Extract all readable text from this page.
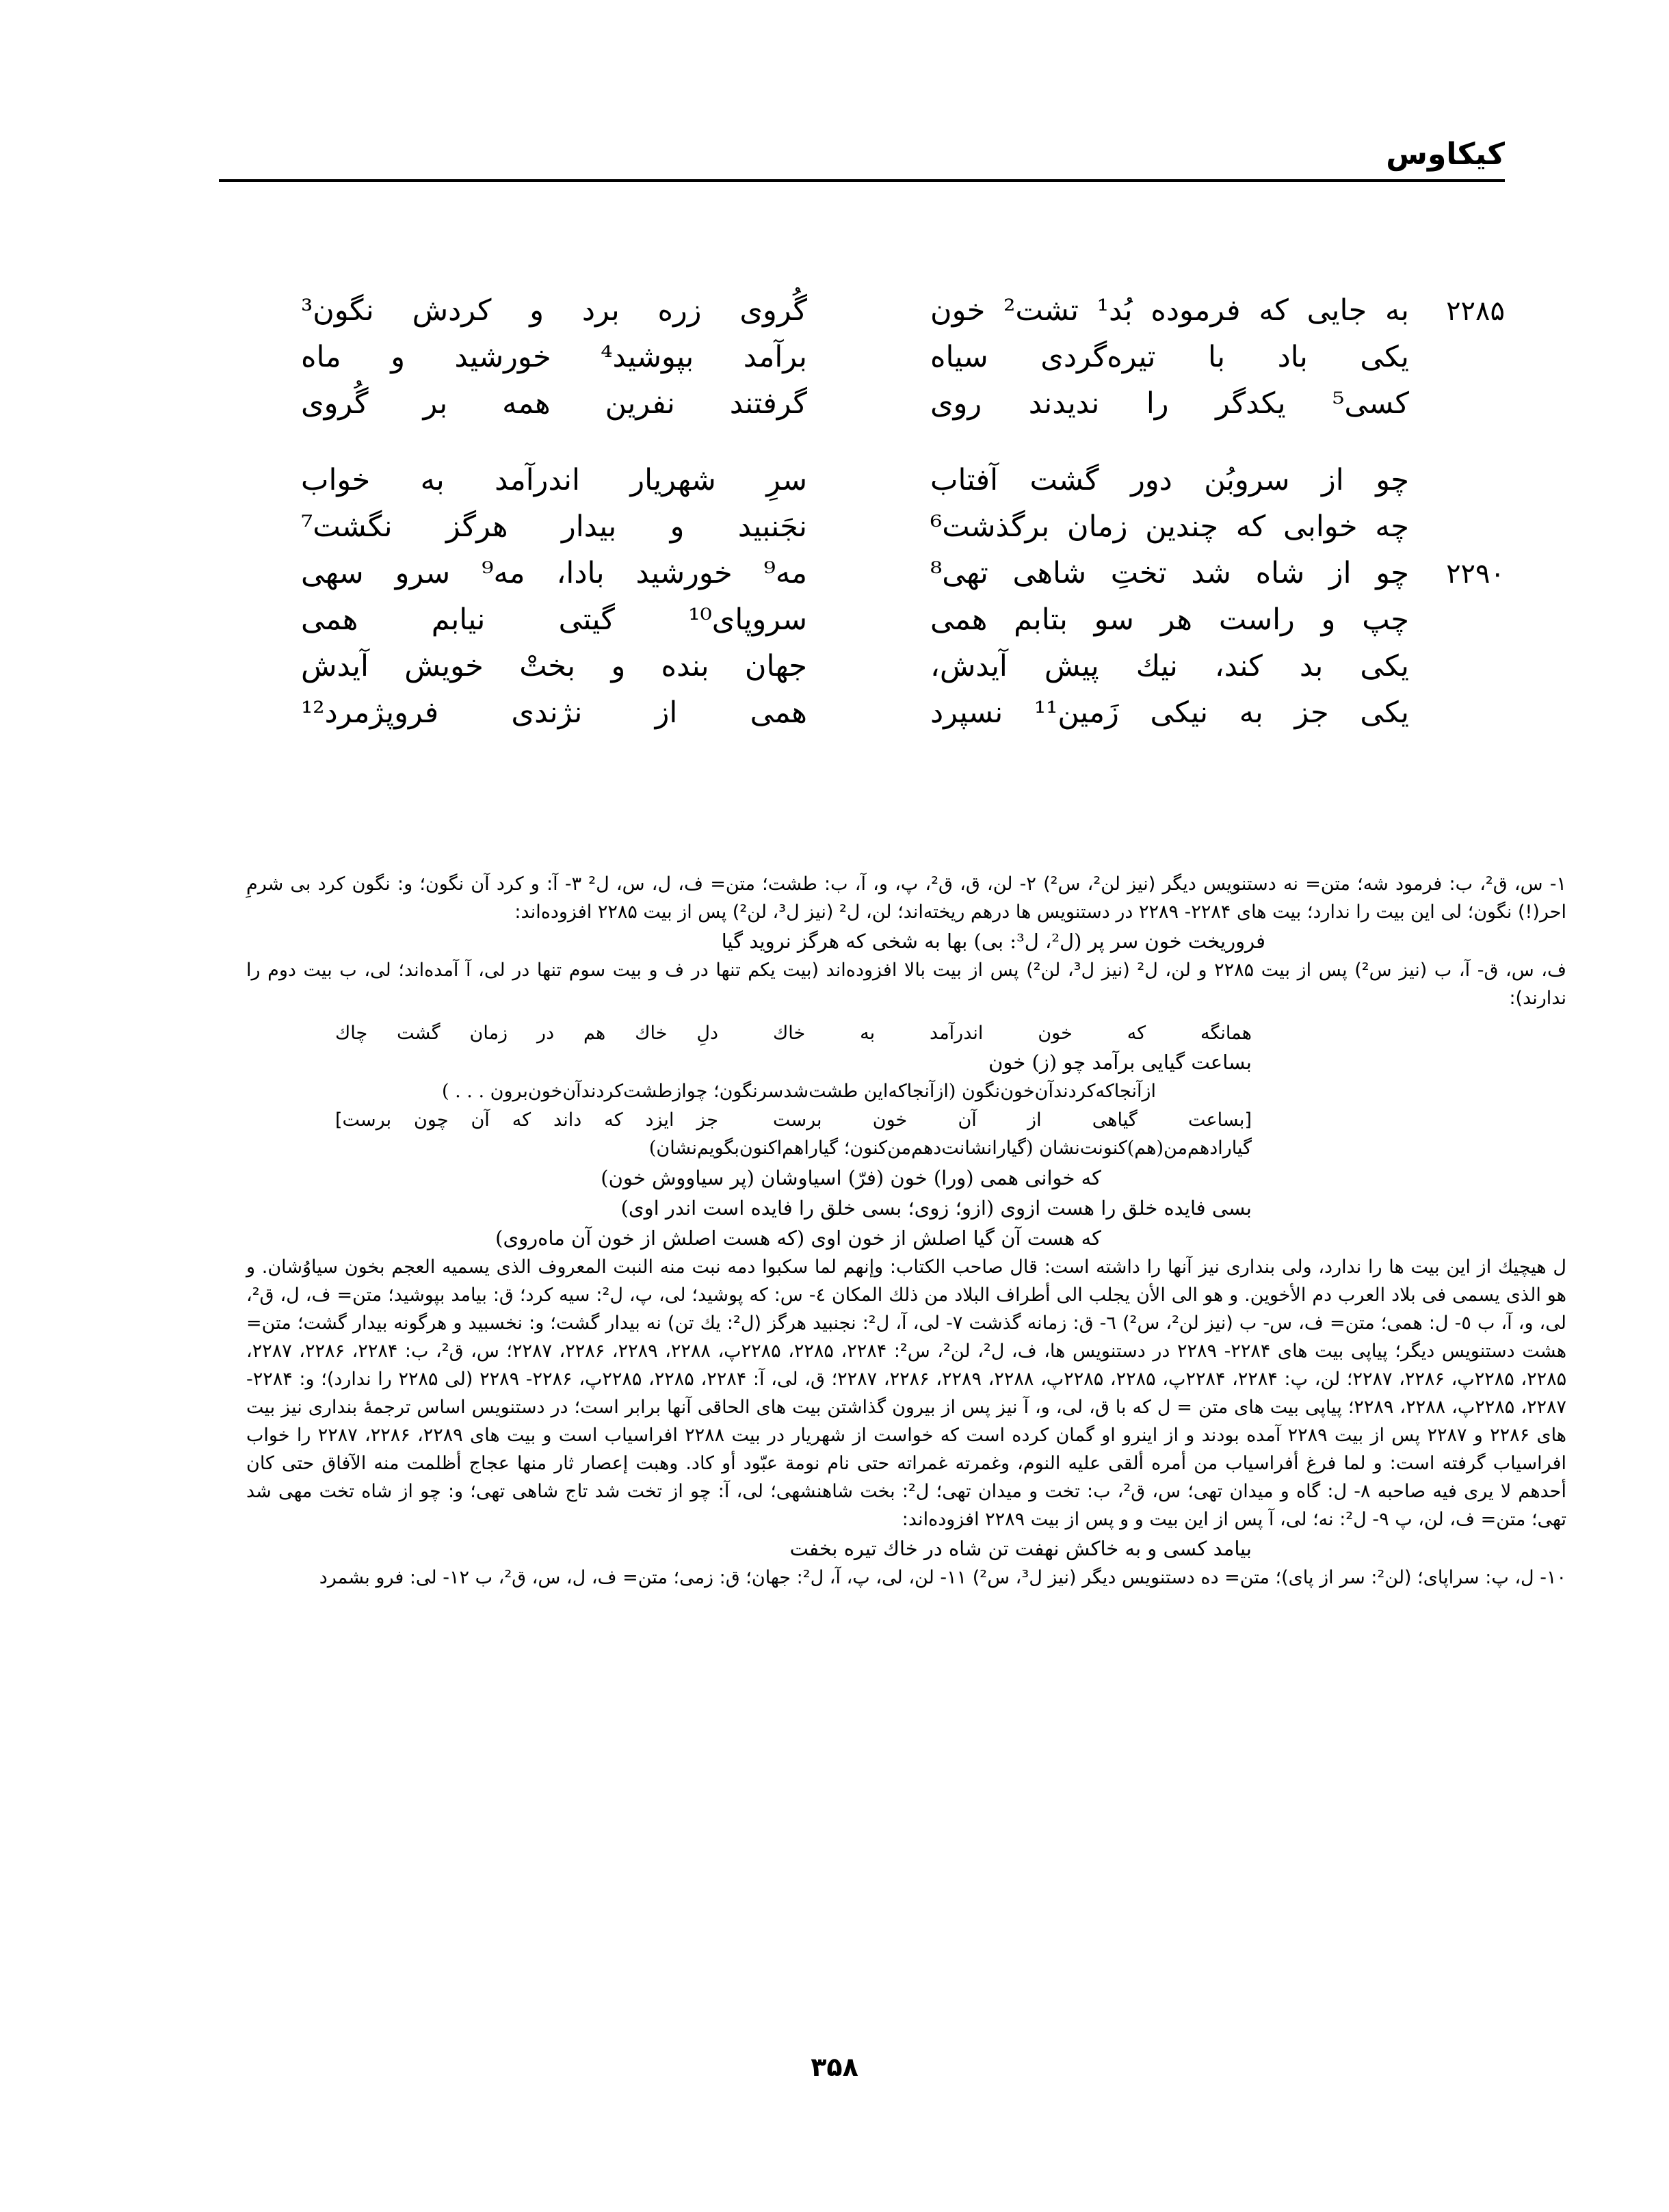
کیکاوس
۲۲۸۵
به جایی که فرموده بُد¹ تشت² خون
گُروی زره برد و کردش نگون³
یکی باد با تیره‌گردی سیاه
برآمد بپوشید⁴ خورشید و ماه
کسی⁵ یکدگر را ندیدند روی
گرفتند نفرین همه بر گُروی
چو از سروبُن دور گشت آفتاب
سرِ شهریار اندرآمد به خواب
چه خوابی که چندین زمان برگذشت⁶
نجَنبید و بیدار هرگز نگشت⁷
۲۲۹۰
چو از شاه شد تختِ شاهی تهی⁸
مه⁹ خورشید بادا، مه⁹ سرو سهی
چپ و راست هر سو بتابم همی
سروپای¹⁰ گیتی نیابم همی
یکی بد کند، نیك پیش آیدش،
جهان بنده و بختْ خویش آیدش
یکی جز به نیکی زَمین¹¹ نسپرد
همی از نژندی فروپژمرد¹²

۱- س، ق²، ب: فرمود شه؛ متن= نه دستنویس دیگر (نیز لن²، س²) ۲- لن، ق، ق²، پ، و، آ، ب: طشت؛ متن= ف، ل، س، ل² ۳- آ: و کرد آن نگون؛ و: نگون کرد بی شرمِ احر(!) نگون؛ لی این بیت را ندارد؛ بیت های ۲۲۸۴- ۲۲۸۹ در دستنویس ها درهم ریخته‌اند؛ لن، ل² (نیز ل³، لن²) پس از بیت ۲۲۸۵ افزوده‌اند:

فروریخت خون سر پر (ل²، ل³: بی) بها به شخی که هرگز نروید گیا

ف، س، ق- آ، ب (نیز س²) پس از بیت ۲۲۸۵ و لن، ل² (نیز ل³، لن²) پس از بیت بالا افزوده‌اند (بیت یکم تنها در ف و بیت سوم تنها در لی، آ آمده‌اند؛ لی، ب بیت دوم را ندارند):

همانگه که خون اندرآمد به خاك
دلِ خاك هم در زمان گشت چاك

بساعت گیایی برآمد چو (ز) خون

ازآنجاکه‌کردندآن‌خون‌نگون (ازآنجاکه‌این طشت‌شدسرنگون؛ چوازطشت‌کردندآن‌خون‌برون . . . )

[بساعت گیاهی از آن خون برست
جز ایزد که داند که آن چون برست]

گیارادهم‌من(هم)کنونت‌نشان (گیارانشانت‌دهم‌من‌کنون؛ گیاراهم‌اکنون‌بگویم‌نشان)

که خوانی همی (ورا) خون (فرّ) اسیاوشان (پر سیاووش خون)

بسی فایده خلق را هست ازوی (ازو؛ زوی؛ بسی خلق را فایده است اندر اوی)

که هست آن گیا اصلش از خون اوی (که هست اصلش از خون آن ماه‌روی)

ل هیچیك از این بیت ها را ندارد، ولی بنداری نیز آنها را داشته است: قال صاحب الکتاب: وإنهم لما سکبوا دمه نبت منه النبت المعروف الذی یسمیه العجم بخون سیاوُشان. و هو الذی یسمی فی بلاد العرب دم الأخوین. و هو الی الأن یجلب الی أطراف البلاد من ذلك المکان ٤- س: که پوشید؛ لی، پ، ل²: سیه کرد؛ ق: بیامد بپوشید؛ متن= ف، ل، ق²، لی، و، آ، ب ٥- ل: همی؛ متن= ف، س- ب (نیز لن²، س²) ٦- ق: زمانه گذشت ٧- لی، آ، ل²: نجنبید هرگز (ل²: یك تن) نه بیدار گشت؛ و: نخسبید و هرگونه بیدار گشت؛ متن= هشت دستنویس دیگر؛ پیاپی بیت های ۲۲۸۴- ۲۲۸۹ در دستنویس ها، ف، ل²، لن²، س²: ۲۲۸۴، ۲۲۸۵، ۲۲۸۵پ، ۲۲۸۸، ۲۲۸۹، ۲۲۸۶، ۲۲۸۷؛ س، ق²، ب: ۲۲۸۴، ۲۲۸۶، ۲۲۸۷، ۲۲۸۵، ۲۲۸۵پ، ۲۲۸۶، ۲۲۸۷؛ لن، پ: ۲۲۸۴، ۲۲۸۴پ، ۲۲۸۵، ۲۲۸۵پ، ۲۲۸۸، ۲۲۸۹، ۲۲۸۶، ۲۲۸۷؛ ق، لی، آ: ۲۲۸۴، ۲۲۸۵، ۲۲۸۵پ، ۲۲۸۶- ۲۲۸۹ (لی ۲۲۸۵ را ندارد)؛ و: ۲۲۸۴- ۲۲۸۷، ۲۲۸۵پ، ۲۲۸۸، ۲۲۸۹؛ پیاپی بیت های متن = ل که با ق، لی، و، آ نیز پس از بیرون گذاشتن بیت های الحاقی آنها برابر است؛ در دستنویس اساس ترجمهٔ بنداری نیز بیت های ۲۲۸۶ و ۲۲۸۷ پس از بیت ۲۲۸۹ آمده بودند و از اینرو او گمان کرده است که خواست از شهریار در بیت ۲۲۸۸ افراسیاب است و بیت های ۲۲۸۹، ۲۲۸۶، ۲۲۸۷ را خواب افراسیاب گرفته است: و لما فرغ أفراسیاب من أمره ألقی علیه النوم، وغمرته غمراته حتی نام نومة عبّود أو کاد. وهبت إعصار ثار منها عجاج أظلمت منه الآفاق حتی کان أحدهم لا یری فیه صاحبه ٨- ل: گاه و میدان تهی؛ س، ق²، ب: تخت و میدان تهی؛ ل²: بخت شاهنشهی؛ لی، آ: چو از تخت شد تاج شاهی تهی؛ و: چو از شاه تخت مهی شد تهی؛ متن= ف، لن، پ ٩- ل²: نه؛ لی، آ پس از این بیت و و پس از بیت ۲۲۸۹ افزوده‌اند:

بیامد کسی و به خاکش نهفت تن شاه در خاك تیره بخفت

۱۰- ل، پ: سراپای؛ (لن²: سر از پای)؛ متن= ده دستنویس دیگر (نیز ل³، س²) ۱۱- لن، لی، پ، آ، ل²: جهان؛ ق: زمی؛ متن= ف، ل، س، ق²، ب ۱۲- لی: فرو بشمرد

۳۵۸
